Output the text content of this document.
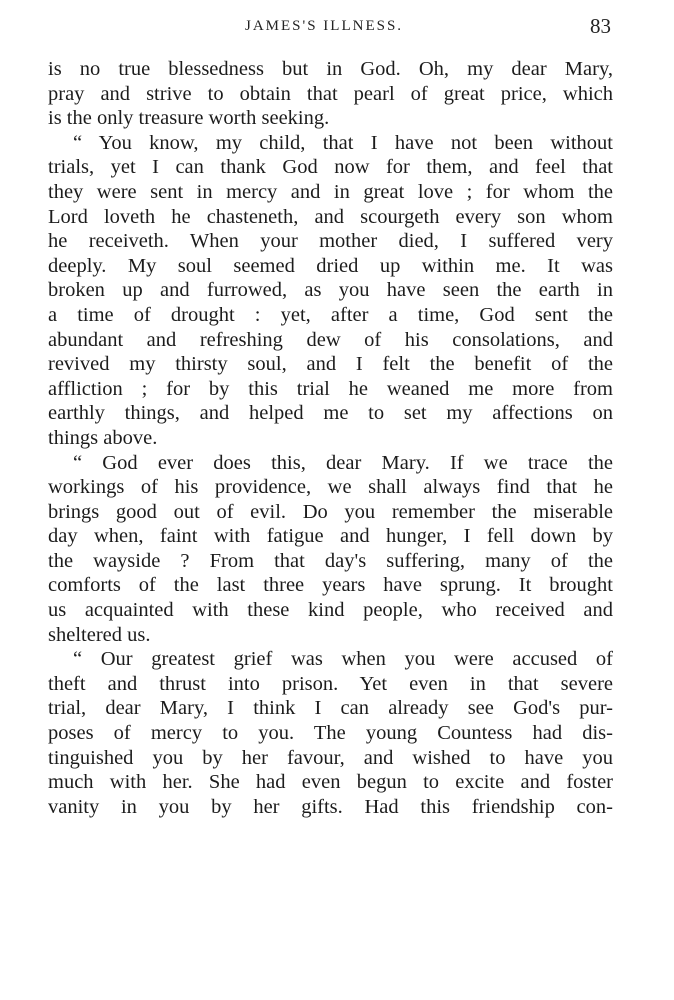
JAMES'S ILLNESS.	83
is no true blessedness but in God. Oh, my dear Mary,
pray and strive to obtain that pearl of great price, which
is the only treasure worth seeking.
“ You know, my child, that I have not been without
trials, yet I can thank God now for them, and feel that
they were sent in mercy and in great love ; for whom the
Lord loveth he chasteneth, and scourgeth every son whom
he receiveth. When your mother died, I suffered very
deeply. My soul seemed dried up within me. It was
broken up and furrowed, as you have seen the earth in
a time of drought : yet, after a time, God sent the
abundant and refreshing dew of his consolations, and
revived my thirsty soul, and I felt the benefit of the
affliction ; for by this trial he weaned me more from
earthly things, and helped me to set my affections on
things above.
“ God ever does this, dear Mary. If we trace the
workings of his providence, we shall always find that he
brings good out of evil. Do you remember the miserable
day when, faint with fatigue and hunger, I fell down by
the wayside ? From that day's suffering, many of the
comforts of the last three years have sprung. It brought
us acquainted with these kind people, who received and
sheltered us.
“ Our greatest grief was when you were accused of
theft and thrust into prison. Yet even in that severe
trial, dear Mary, I think I can already see God's pur-
poses of mercy to you. The young Countess had dis-
tinguished you by her favour, and wished to have you
much with her. She had even begun to excite and foster
vanity in you by her gifts. Had this friendship con-
